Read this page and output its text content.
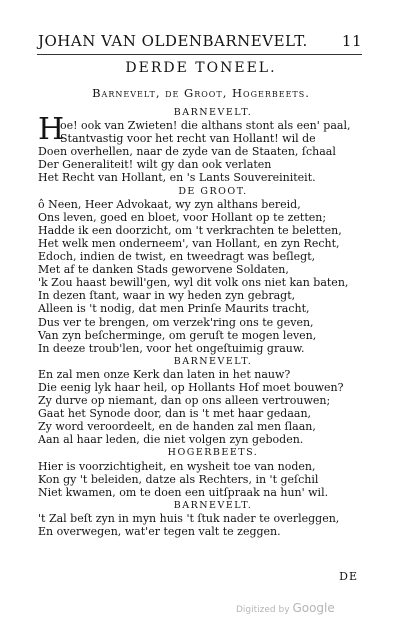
JOHAN VAN OLDENBARNEVELT. 11
DERDE TONEEL.
Barnevelt, de Groot, Hogerbeets.
BARNEVELT.
H
oe! ook van Zwieten! die althans stont als een' paal,
Stantvastig voor het recht van Hollant! wil de
Doen overhellen, naar de zyde van de Staaten, ſchaal
Der Generaliteit! wilt gy dan ook verlaten
Het Recht van Hollant, en 's Lants Souvereiniteit.
DE GROOT.
ô Neen, Heer Advokaat, wy zyn althans bereid,
Ons leven, goed en bloet, voor Hollant op te zetten;
Hadde ik een doorzicht, om 't verkrachten te beletten,
Het welk men onderneem', van Hollant, en zyn Recht,
Edoch, indien de twist, en tweedragt was beſlegt,
Met af te danken Stads geworvene Soldaten,
'k Zou haast bewill'gen, wyl dit volk ons niet kan baten,
In dezen ſtant, waar in wy heden zyn gebragt,
Alleen is 't nodig, dat men Prinſe Maurits tracht,
Dus ver te brengen, om verzek'ring ons te geven,
Van zyn beſcherminge, om geruſt te mogen leven,
In deeze troub'len, voor het ongeſtuimig grauw.
BARNEVELT.
En zal men onze Kerk dan laten in het nauw?
Die eenig lyk haar heil, op Hollants Hof moet bouwen?
Zy durve op niemant, dan op ons alleen vertrouwen;
Gaat het Synode door, dan is 't met haar gedaan,
Zy word veroordeelt, en de handen zal men ſlaan,
Aan al haar leden, die niet volgen zyn geboden.
HOGERBEETS.
Hier is voorzichtigheit, en wysheit toe van noden,
Kon gy 't beleiden, datze als Rechters, in 't geſchil
Niet kwamen, om te doen een uitſpraak na hun' wil.
BARNEVELT.
't Zal beſt zyn in myn huis 't ſtuk nader te overleggen,
En overwegen, wat'er tegen valt te zeggen.
DE
Digitized by Google
